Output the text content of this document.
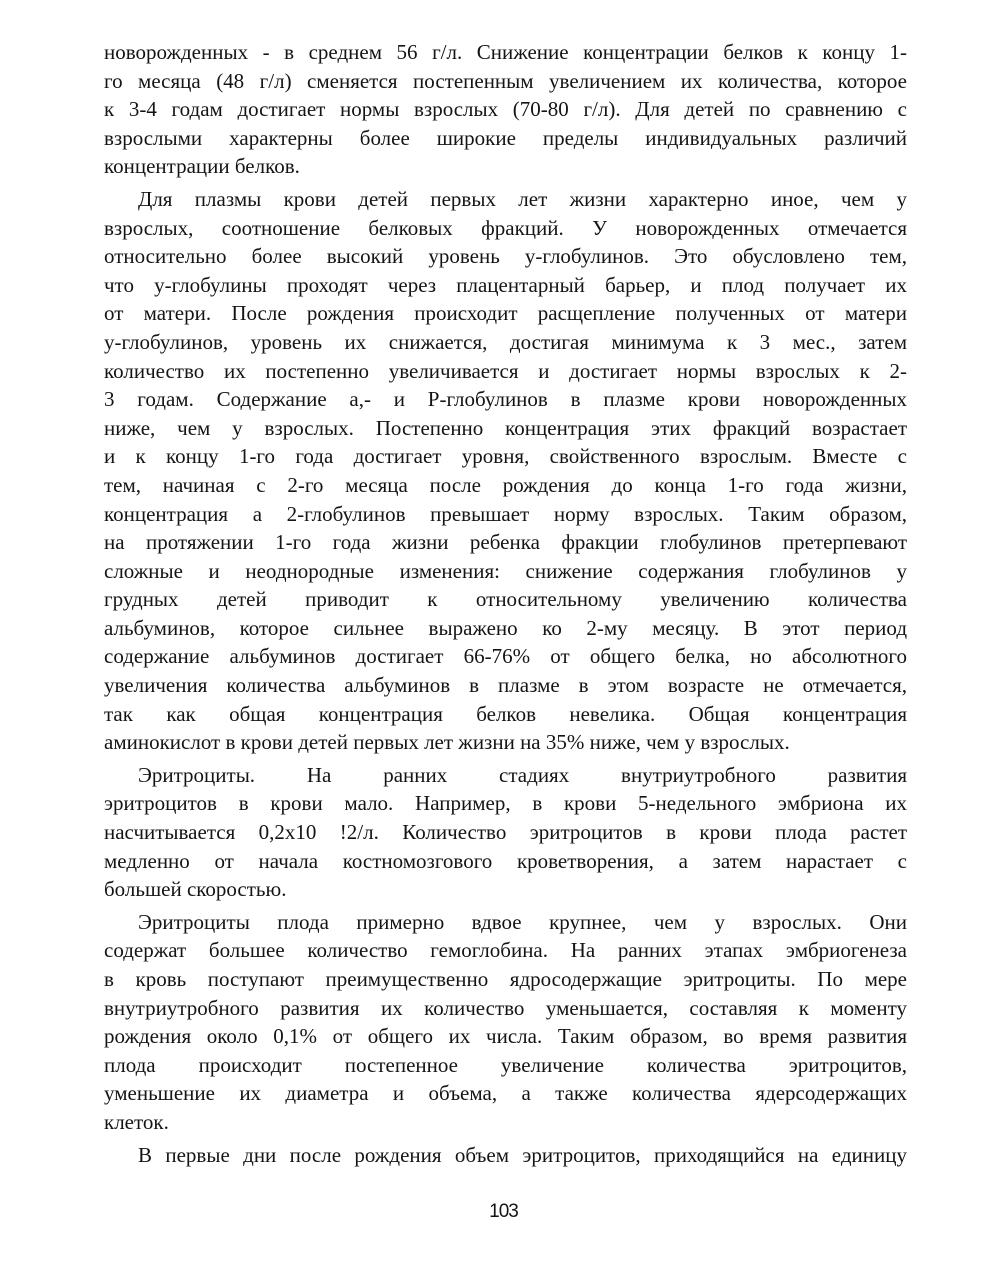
новорожденных - в среднем 56 г/л. Снижение концентрации белков к концу 1-
го месяца (48 г/л) сменяется постепенным увеличением их количества, которое
к 3-4 годам достигает нормы взрослых (70-80 г/л). Для детей по сравнению с
взрослыми характерны более широкие пределы индивидуальных различий
концентрации белков.
Для плазмы крови детей первых лет жизни характерно иное, чем у
взрослых, соотношение белковых фракций. У новорожденных отмечается
относительно более высокий уровень у-глобулинов. Это обусловлено тем,
что у-глобулины проходят через плацентарный барьер, и плод получает их
от матери. После рождения происходит расщепление полученных от матери
у-глобулинов, уровень их снижается, достигая минимума к 3 мес., затем
количество их постепенно увеличивается и достигает нормы взрослых к 2-
3 годам. Содержание а,- и Р-глобулинов в плазме крови новорожденных
ниже, чем у взрослых. Постепенно концентрация этих фракций возрастает
и к концу 1-го года достигает уровня, свойственного взрослым. Вместе с
тем, начиная с 2-го месяца после рождения до конца 1-го года жизни,
концентрация а 2-глобулинов превышает норму взрослых. Таким образом,
на протяжении 1-го года жизни ребенка фракции глобулинов претерпевают
сложные и неоднородные изменения: снижение содержания глобулинов у
грудных детей приводит к относительному увеличению количества
альбуминов, которое сильнее выражено ко 2-му месяцу. В этот период
содержание альбуминов достигает 66-76% от общего белка, но абсолютного
увеличения количества альбуминов в плазме в этом возрасте не отмечается,
так как общая концентрация белков невелика. Общая концентрация
аминокислот в крови детей первых лет жизни на 35% ниже, чем у взрослых.
Эритроциты. На ранних стадиях внутриутробного развития
эритроцитов в крови мало. Например, в крови 5-недельного эмбриона их
насчитывается 0,2х10 !2/л. Количество эритроцитов в крови плода растет
медленно от начала костномозгового кроветворения, а затем нарастает с
большей скоростью.
Эритроциты плода примерно вдвое крупнее, чем у взрослых. Они
содержат большее количество гемоглобина. На ранних этапах эмбриогенеза
в кровь поступают преимущественно ядросодержащие эритроциты. По мере
внутриутробного развития их количество уменьшается, составляя к моменту
рождения около 0,1% от общего их числа. Таким образом, во время развития
плода происходит постепенное увеличение количества эритроцитов,
уменьшение их диаметра и объема, а также количества ядерсодержащих
клеток.
В первые дни после рождения объем эритроцитов, приходящийся на единицу
103
